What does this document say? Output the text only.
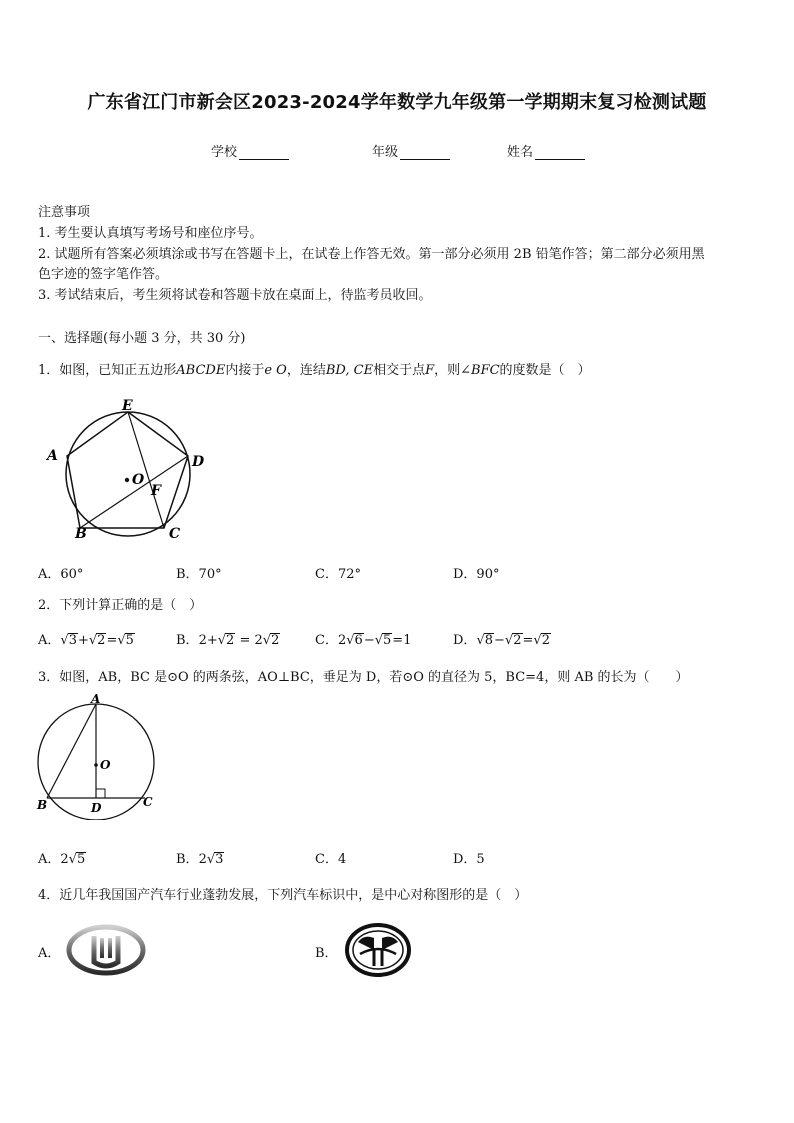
广东省江门市新会区2023-2024学年数学九年级第一学期期末复习检测试题
学校	年级	姓名
注意事项
1. 考生要认真填写考场号和座位序号。
2. 试题所有答案必须填涂或书写在答题卡上，在试卷上作答无效。第一部分必须用 2B 铅笔作答；第二部分必须用黑
色字迹的签字笔作答。
3. 考试结束后，考生须将试卷和答题卡放在桌面上，待监考员收回。
一、选择题(每小题 3 分，共 30 分)
1．如图，已知正五边形ABCDE内接于e O，连结BD, CE相交于点F，则∠BFC的度数是（　）
E
A	D
O
F
B	C
A．60°	B．70°	C．72°	D．90°
2．下列计算正确的是（　）
A．√3+√2=√5	B．2+√2 = 2√2	C．2√6−√5=1	D．√8−√2=√2
3．如图，AB，BC 是⊙O 的两条弦，AO⊥BC，垂足为 D，若⊙O 的直径为 5，BC=4，则 AB 的长为（　　）
A
O
B	D	C
A．2√5	B．2√3	C．4	D．5
4．近几年我国国产汽车行业蓬勃发展，下列汽车标识中，是中心对称图形的是（　）
A．	B．
